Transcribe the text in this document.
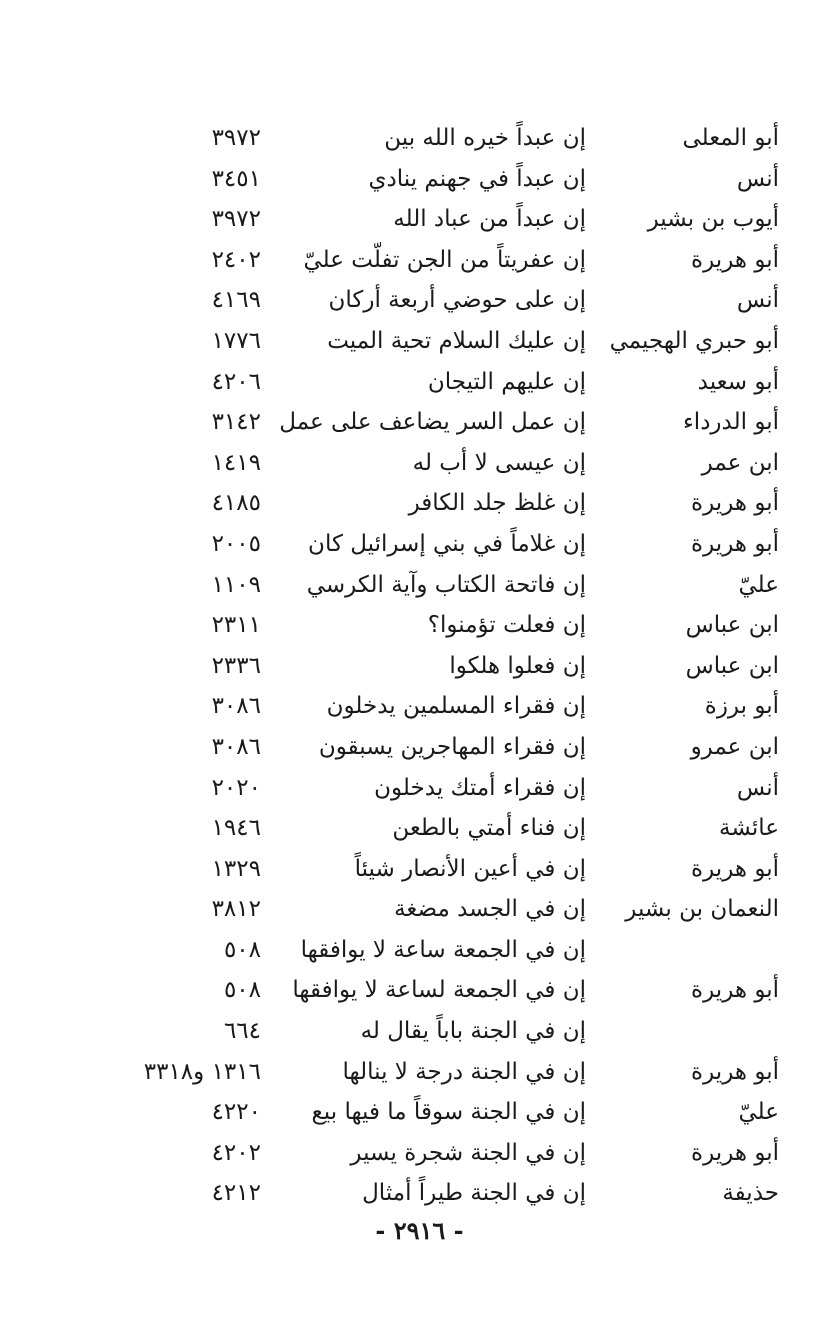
أبو المعلى
إن عبداً خيره الله بين
٣٩٧٢
أنس
إن عبداً في جهنم ينادي
٣٤٥١
أيوب بن بشير
إن عبداً من عباد الله
٣٩٧٢
أبو هريرة
إن عفريتاً من الجن تفلّت عليّ
٢٤٠٢
أنس
إن على حوضي أربعة أركان
٤١٦٩
أبو حبري الهجيمي
إن عليك السلام تحية الميت
١٧٧٦
أبو سعيد
إن عليهم التيجان
٤٢٠٦
أبو الدرداء
إن عمل السر يضاعف على عمل
٣١٤٢
ابن عمر
إن عيسى لا أب له
١٤١٩
أبو هريرة
إن غلظ جلد الكافر
٤١٨٥
أبو هريرة
إن غلاماً في بني إسرائيل كان
٢٠٠٥
عليّ
إن فاتحة الكتاب وآية الكرسي
١١٠٩
ابن عباس
إن فعلت تؤمنوا؟
٢٣١١
ابن عباس
إن فعلوا هلكوا
٢٣٣٦
أبو برزة
إن فقراء المسلمين يدخلون
٣٠٨٦
ابن عمرو
إن فقراء المهاجرين يسبقون
٣٠٨٦
أنس
إن فقراء أمتك يدخلون
٢٠٢٠
عائشة
إن فناء أمتي بالطعن
١٩٤٦
أبو هريرة
إن في أعين الأنصار شيئاً
١٣٢٩
النعمان بن بشير
إن في الجسد مضغة
٣٨١٢
إن في الجمعة ساعة لا يوافقها
٥٠٨
أبو هريرة
إن في الجمعة لساعة لا يوافقها
٥٠٨
إن في الجنة باباً يقال له
٦٦٤
أبو هريرة
إن في الجنة درجة لا ينالها
١٣١٦ و٣٣١٨
عليّ
إن في الجنة سوقاً ما فيها بيع
٤٢٢٠
أبو هريرة
إن في الجنة شجرة يسير
٤٢٠٢
حذيفة
إن في الجنة طيراً أمثال
٤٢١٢
- ٢٩١٦ -
